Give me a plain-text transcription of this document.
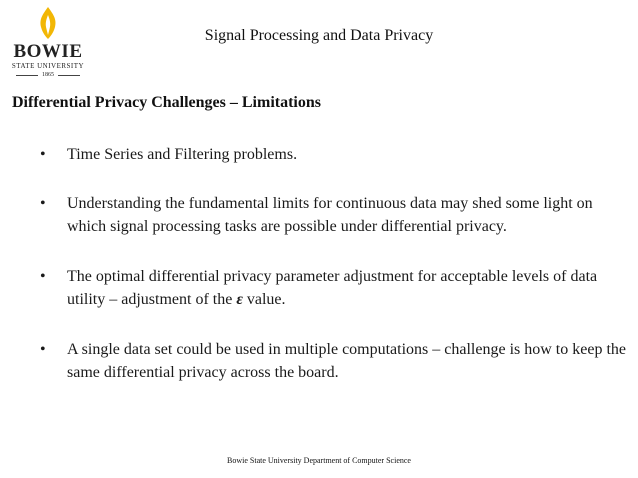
BOWIE
STATE UNIVERSITY
1865
Signal Processing and Data Privacy
Differential Privacy Challenges – Limitations
• Time Series and Filtering problems.
• Understanding the fundamental limits for continuous data may shed some light on which signal processing tasks are possible under differential privacy.
• The optimal differential privacy parameter adjustment for acceptable levels of data utility – adjustment of the ε value.
• A single data set could be used in multiple computations – challenge is how to keep the same differential privacy across the board.
Bowie State University Department of Computer Science
